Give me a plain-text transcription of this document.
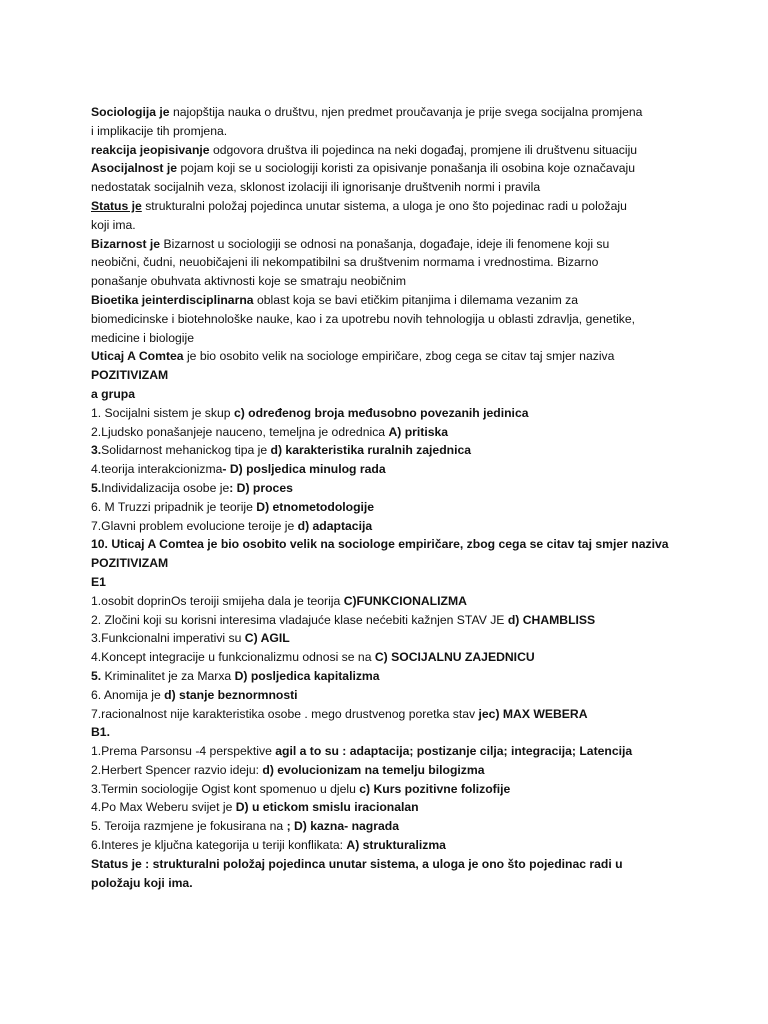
Sociologija je najopštija nauka o društvu, njen predmet proučavanja je prije svega socijalna promjena
i implikacije tih promjena.
reakcija jeopisivanje odgovora društva ili pojedinca na neki događaj, promjene ili društvenu situaciju
Asocijalnost je pojam koji se u sociologiji koristi za opisivanje ponašanja ili osobina koje označavaju
nedostatak socijalnih veza, sklonost izolaciji ili ignorisanje društvenih normi i pravila
Status je strukturalni položaj pojedinca unutar sistema, a uloga je ono što pojedinac radi u položaju
koji ima.
Bizarnost je Bizarnost u sociologiji se odnosi na ponašanja, događaje, ideje ili fenomene koji su
neobični, čudni, neuobičajeni ili nekompatibilni sa društvenim normama i vrednostima. Bizarno
ponašanje obuhvata aktivnosti koje se smatraju neobičnim
Bioetika jeinterdisciplinarna oblast koja se bavi etičkim pitanjima i dilemama vezanim za
biomedicinske i biotehnološke nauke, kao i za upotrebu novih tehnologija u oblasti zdravlja, genetike,
medicine i biologije
Uticaj A Comtea je bio osobito velik na sociologe empiričare, zbog cega se citav taj smjer naziva
POZITIVIZAM
a grupa
1. Socijalni sistem je skup c) određenog broja međusobno povezanih jedinica
2.Ljudsko ponašanjeje nauceno, temeljna je odrednica A) pritiska
3.Solidarnost mehanickog tipa je d) karakteristika ruralnih zajednica
4.teorija interakcionizma- D) posljedica minulog rada
5.Individalizacija osobe je: D) proces
6. M Truzzi pripadnik je teorije D) etnometodologije
7.Glavni problem evolucione teroije je d) adaptacija
10. Uticaj A Comtea je bio osobito velik na sociologe empiričare, zbog cega se citav taj smjer naziva
POZITIVIZAM
E1
1.osobit doprinOs teroiji smijeha dala je teorija C)FUNKCIONALIZMA
2. Zločini koji su korisni interesima vladajuće klase nećebiti kažnjen STAV JE d) CHAMBLISS
3.Funkcionalni imperativi su C) AGIL
4.Koncept integracije u funkcionalizmu odnosi se na C) SOCIJALNU ZAJEDNICU
5. Kriminalitet je za Marxa D) posljedica kapitalizma
6. Anomija je d) stanje beznormnosti
7.racionalnost nije karakteristika osobe . mego drustvenog poretka stav jec) MAX WEBERA
B1.
1.Prema Parsonsu -4 perspektive agil a to su : adaptacija; postizanje cilja; integracija; Latencija
2.Herbert Spencer razvio ideju: d) evolucionizam na temelju bilogizma
3.Termin sociologije Ogist kont spomenuo u djelu c) Kurs pozitivne folizofije
4.Po Max Weberu svijet je D) u etickom smislu iracionalan
5. Teroija razmjene je fokusirana na ; D) kazna- nagrada
6.Interes je ključna kategorija u teriji konflikata: A) strukturalizma
Status je : strukturalni položaj pojedinca unutar sistema, a uloga je ono što pojedinac radi u
položaju koji ima.
